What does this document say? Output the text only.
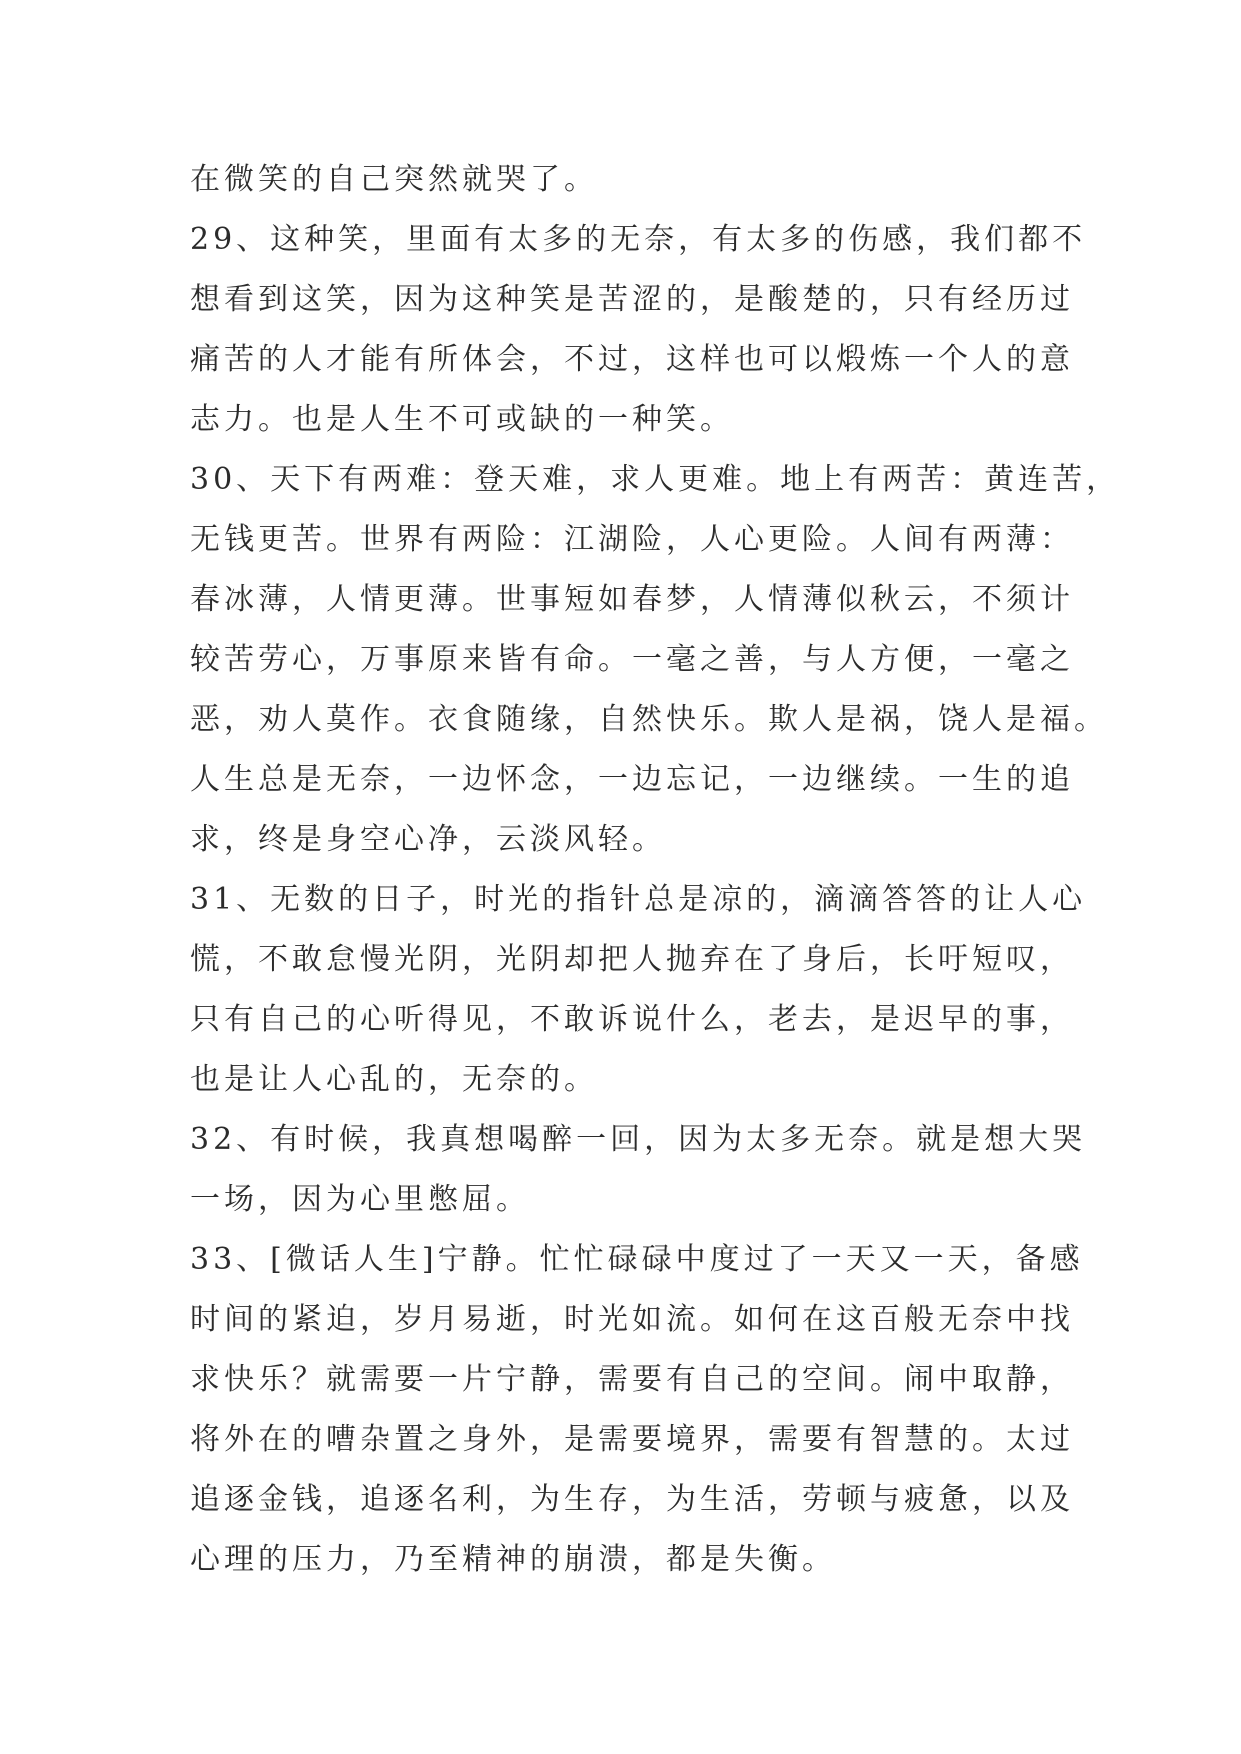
在微笑的自己突然就哭了。
29、这种笑，里面有太多的无奈，有太多的伤感，我们都不
想看到这笑，因为这种笑是苦涩的，是酸楚的，只有经历过
痛苦的人才能有所体会，不过，这样也可以煅炼一个人的意
志力。也是人生不可或缺的一种笑。
30、天下有两难：登天难，求人更难。地上有两苦：黄连苦，
无钱更苦。世界有两险：江湖险，人心更险。人间有两薄：
春冰薄，人情更薄。世事短如春梦，人情薄似秋云，不须计
较苦劳心，万事原来皆有命。一毫之善，与人方便，一毫之
恶，劝人莫作。衣食随缘，自然快乐。欺人是祸，饶人是福。
人生总是无奈，一边怀念，一边忘记，一边继续。一生的追
求，终是身空心净，云淡风轻。
31、无数的日子，时光的指针总是凉的，滴滴答答的让人心
慌，不敢怠慢光阴，光阴却把人抛弃在了身后，长吁短叹，
只有自己的心听得见，不敢诉说什么，老去，是迟早的事，
也是让人心乱的，无奈的。
32、有时候，我真想喝醉一回，因为太多无奈。就是想大哭
一场，因为心里憋屈。
33、[微话人生]宁静。忙忙碌碌中度过了一天又一天，备感
时间的紧迫，岁月易逝，时光如流。如何在这百般无奈中找
求快乐？就需要一片宁静，需要有自己的空间。闹中取静，
将外在的嘈杂置之身外，是需要境界，需要有智慧的。太过
追逐金钱，追逐名利，为生存，为生活，劳顿与疲惫，以及
心理的压力，乃至精神的崩溃，都是失衡。
